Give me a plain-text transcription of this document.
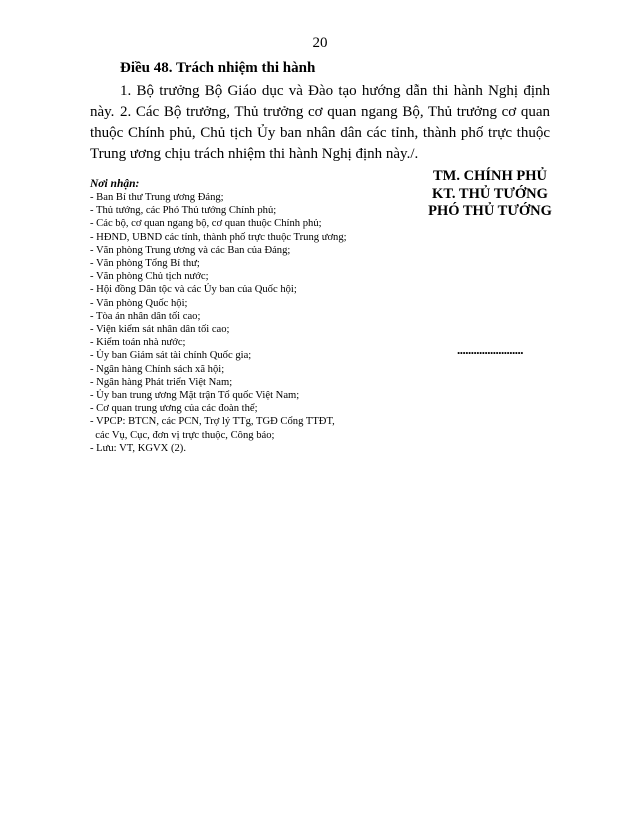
20
Điều 48. Trách nhiệm thi hành
1. Bộ trưởng Bộ Giáo dục và Đào tạo hướng dẫn thi hành Nghị định này. 2. Các Bộ trưởng, Thủ trưởng cơ quan ngang Bộ, Thủ trưởng cơ quan thuộc Chính phủ, Chủ tịch Ủy ban nhân dân các tỉnh, thành phố trực thuộc Trung ương chịu trách nhiệm thi hành Nghị định này./.
Nơi nhận:
- Ban Bí thư Trung ương Đảng;
- Thủ tướng, các Phó Thủ tướng Chính phủ;
- Các bộ, cơ quan ngang bộ, cơ quan thuộc Chính phủ;
- HĐND, UBND các tỉnh, thành phố trực thuộc Trung ương;
- Văn phòng Trung ương và các Ban của Đảng;
- Văn phòng Tổng Bí thư;
- Văn phòng Chủ tịch nước;
- Hội đồng Dân tộc và các Ủy ban của Quốc hội;
- Văn phòng Quốc hội;
- Tòa án nhân dân tối cao;
- Viện kiểm sát nhân dân tối cao;
- Kiểm toán nhà nước;
- Ủy ban Giám sát tài chính Quốc gia;
- Ngân hàng Chính sách xã hội;
- Ngân hàng Phát triển Việt Nam;
- Ủy ban trung ương Mặt trận Tổ quốc Việt Nam;
- Cơ quan trung ương của các đoàn thể;
- VPCP: BTCN, các PCN, Trợ lý TTg, TGĐ Cổng TTĐT,
các Vụ, Cục, đơn vị trực thuộc, Công báo;
- Lưu: VT, KGVX (2).
TM. CHÍNH PHỦ
KT. THỦ TƯỚNG
PHÓ THỦ TƯỚNG
........................
